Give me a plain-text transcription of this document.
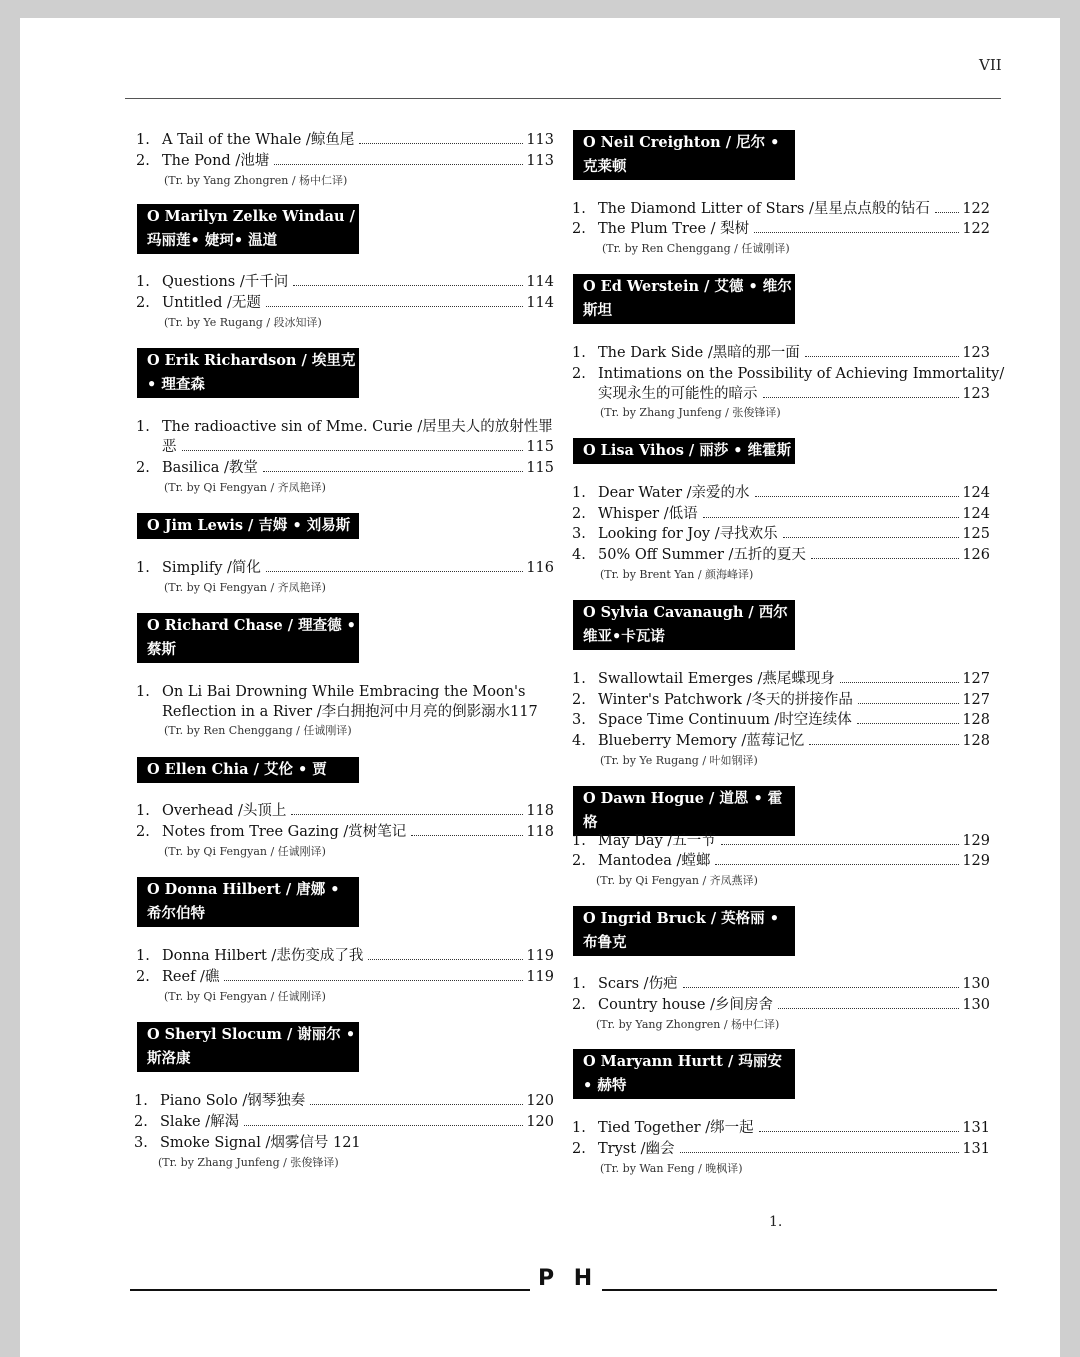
VII
1. A Tail of the Whale /鲸鱼尾	113
2. The Pond /池塘	113
(Tr. by Yang Zhongren / 杨中仁译)
O Marilyn Zelke Windau / 玛丽莲• 婕珂• 温道
1. Questions /千千问	114
2. Untitled /无题	114
(Tr. by Ye Rugang / 段冰知译)
O Erik Richardson / 埃里克 • 理查森
1. The radioactive sin of Mme. Curie /居里夫人的放射性罪
恶	115
2. Basilica /教堂	115
(Tr. by Qi Fengyan / 齐凤艳译)
O Jim Lewis / 吉姆 • 刘易斯
1. Simplify /简化	116
(Tr. by Qi Fengyan / 齐凤艳译)
O Richard Chase / 理查德 • 蔡斯
1. On Li Bai Drowning While Embracing the Moon's
Reflection in a River /李白拥抱河中月亮的倒影溺水 117
(Tr. by Ren Chenggang / 任诚刚译)
O Ellen Chia / 艾伦 • 贾
1. Overhead /头顶上	118
2. Notes from Tree Gazing /赏树笔记	118
(Tr. by Qi Fengyan / 任诚刚译)
O Donna Hilbert / 唐娜 • 希尔伯特
1. Donna Hilbert /悲伤变成了我	119
2. Reef /礁	119
(Tr. by Qi Fengyan / 任诚刚译)
O Sheryl Slocum / 谢丽尔 • 斯洛康
1. Piano Solo /钢琴独奏	120
2. Slake /解渴	120
3. Smoke Signal /烟雾信号 121
(Tr. by Zhang Junfeng / 张俊锋译)
O Neil Creighton / 尼尔 • 克莱顿
1. The Diamond Litter of Stars /星星点点般的钻石 122
2. The Plum Tree / 梨树	122
(Tr. by Ren Chenggang / 任诚刚译)
O Ed Werstein / 艾德 • 维尔斯坦
1. The Dark Side /黑暗的那一面	123
2. Intimations on the Possibility of Achieving Immortality/
实现永生的可能性的暗示	123
(Tr. by Zhang Junfeng / 张俊锋译)
O Lisa Vihos / 丽莎 • 维霍斯
1. Dear Water /亲爱的水	124
2. Whisper /低语	124
3. Looking for Joy /寻找欢乐	125
4. 50% Off Summer /五折的夏天	126
(Tr. by Brent Yan / 颜海峰译)
O Sylvia Cavanaugh / 西尔维亚•卡瓦诺
1. Swallowtail Emerges /燕尾蝶现身	127
2. Winter's Patchwork /冬天的拼接作品	127
3. Space Time Continuum /时空连续体	128
4. Blueberry Memory /蓝莓记忆	128
(Tr. by Ye Rugang / 叶如钢译)
O Dawn Hogue / 道恩 • 霍格
1. May Day /五一节	129
2. Mantodea /螳螂	129
(Tr. by Qi Fengyan / 齐凤燕译)
O Ingrid Bruck / 英格丽 • 布鲁克
1. Scars /伤疤	130
2. Country house /乡间房舍	130
(Tr. by Yang Zhongren / 杨中仁译)
O Maryann Hurtt / 玛丽安 • 赫特
1. Tied Together /绑一起	131
2. Tryst /幽会	131
(Tr. by Wan Feng / 晚枫译)
1.
P H
